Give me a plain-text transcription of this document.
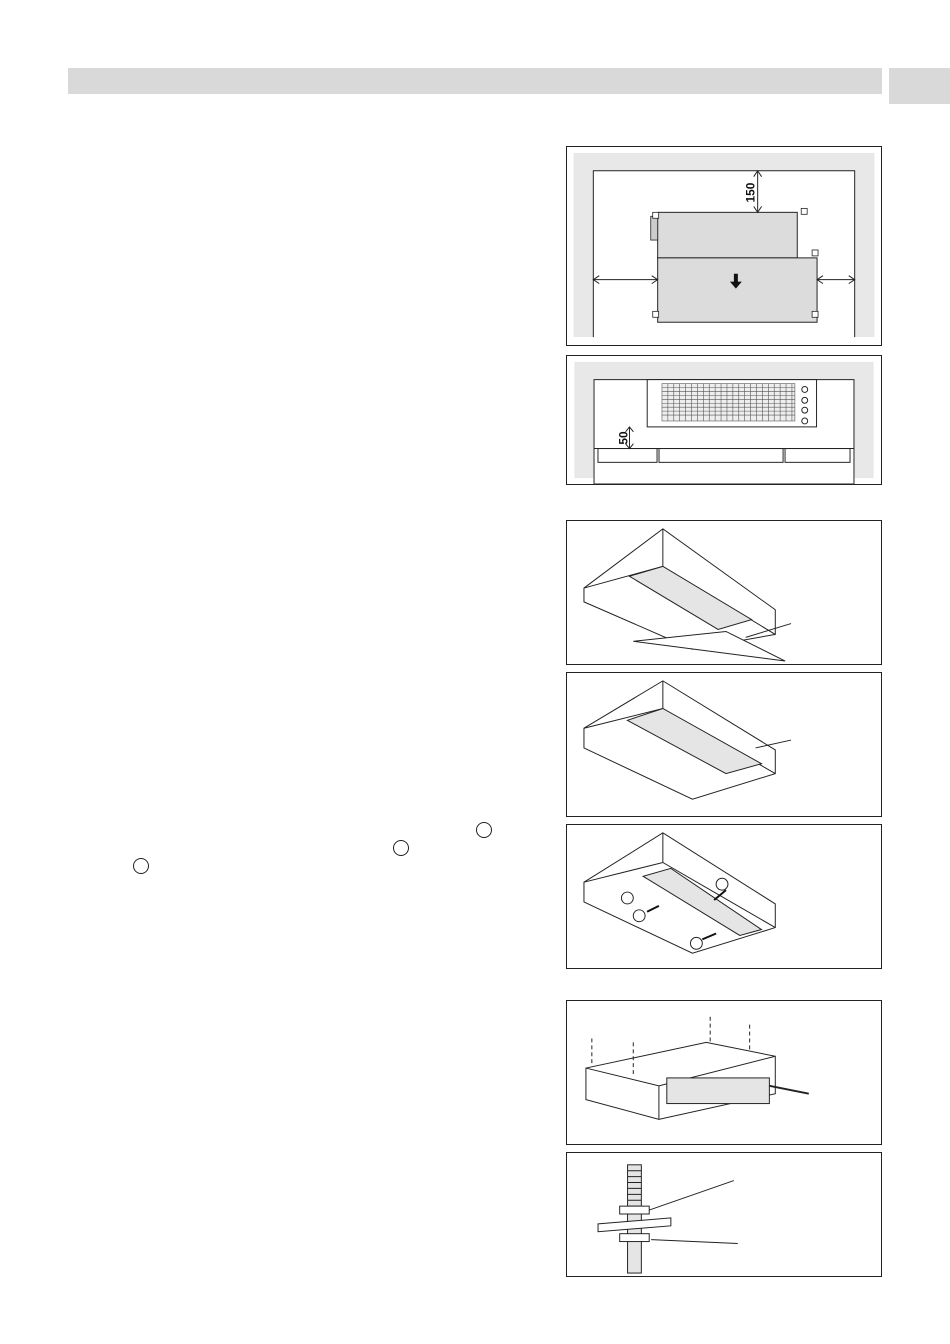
150
50
